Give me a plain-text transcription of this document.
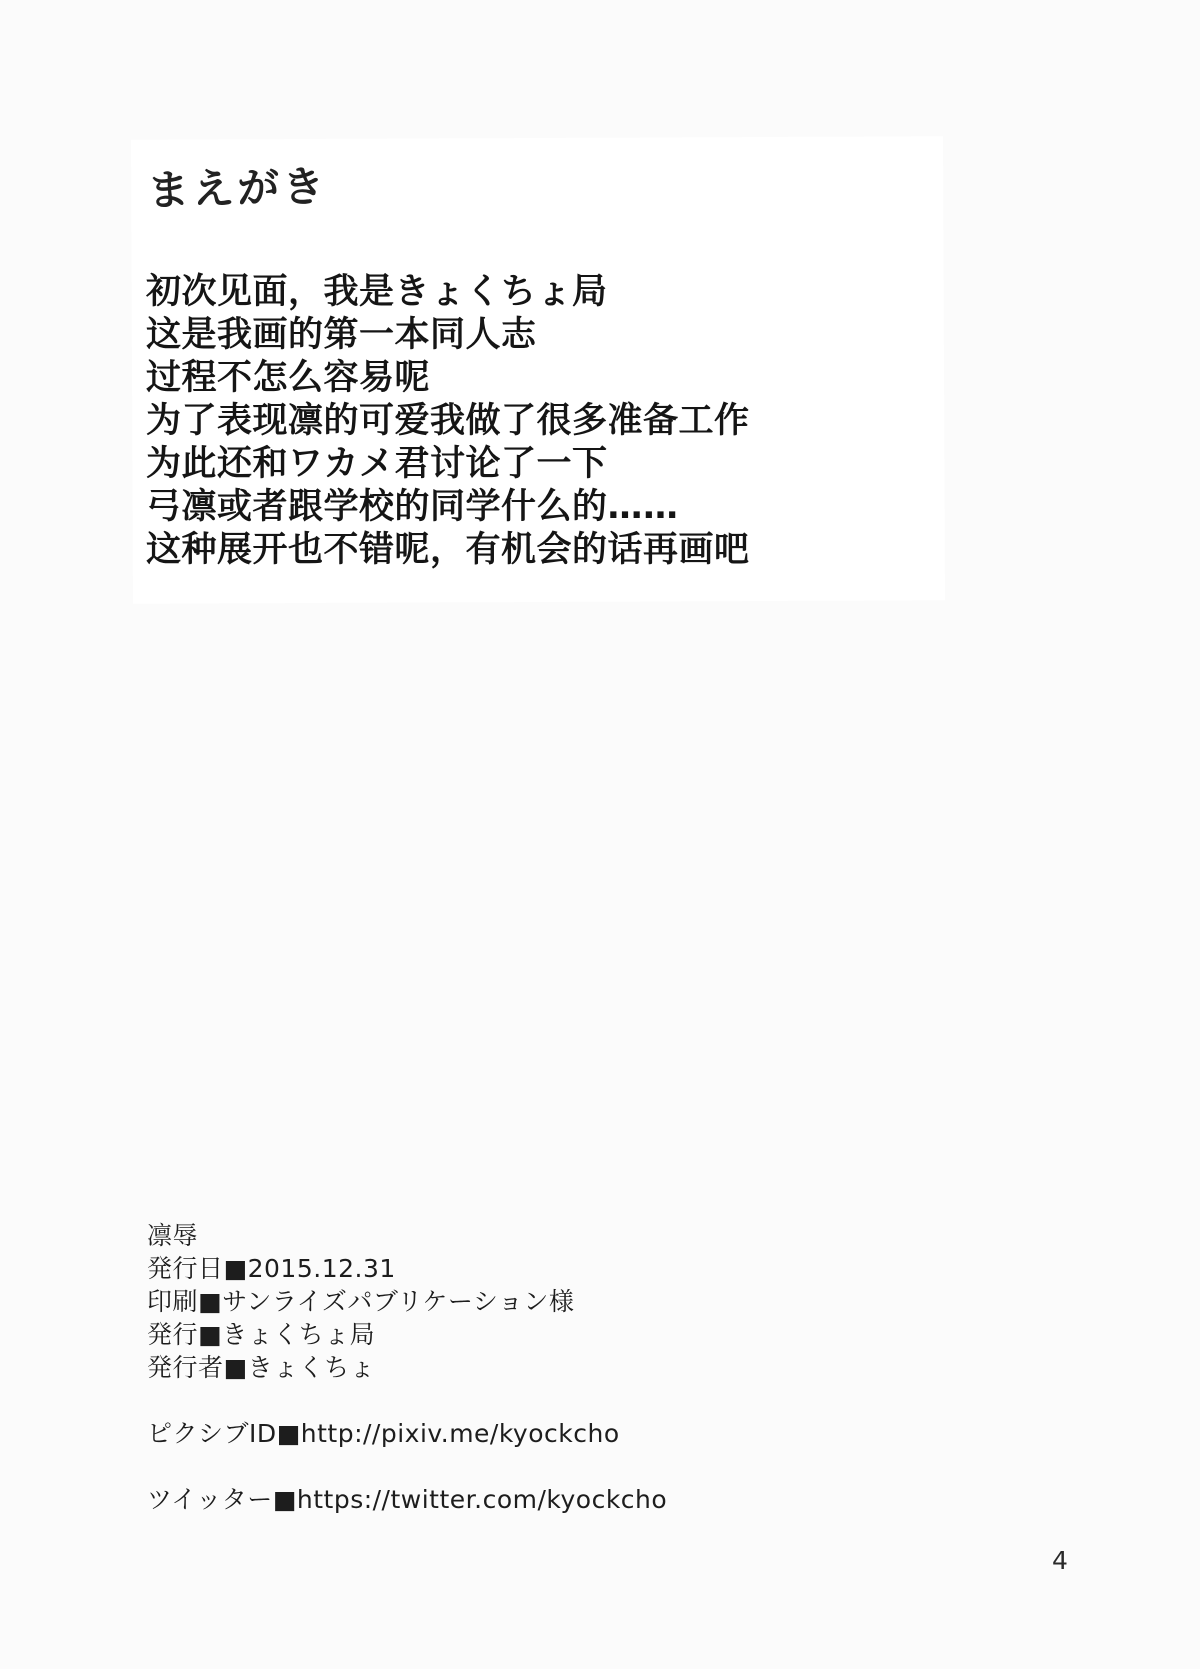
まえがき
初次见面，我是きょくちょ局
这是我画的第一本同人志
过程不怎么容易呢
为了表现凛的可爱我做了很多准备工作
为此还和ワカメ君讨论了一下
弓凛或者跟学校的同学什么的……
这种展开也不错呢，有机会的话再画吧
凛辱
発行日■2015.12.31
印刷■サンライズパブリケーション様
発行■きょくちょ局
発行者■きょくちょ
ピクシブID■http://pixiv.me/kyockcho
ツイッター■https://twitter.com/kyockcho
4
